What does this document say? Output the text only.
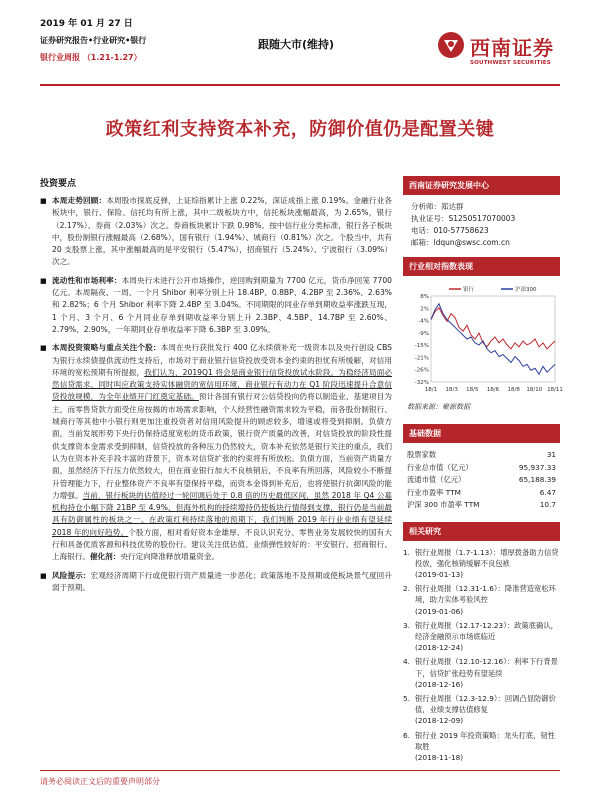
2019 年 01 月 27 日
证券研究报告•行业研究•银行
银行业周报 （1.21-1.27）
跟随大市(维持)	西南证券
SOUTHWEST SECURITIES
政策红利支持资本补充，防御价值仍是配置关键
投资要点
■ 本周走势回顾：本周股市探底反弹，上证综指累计上涨 0.22%，深证成指上涨 0.19%。金融行业各板块中，银行、保险、信托均有所上涨，其中二级板块方中，信托板块涨幅最高，为 2.65%，银行（2.17%）、券商（2.03%）次之。券商板块累计下跌 0.98%。按中信行业分类标准，银行各子板块中，股份制银行涨幅最高（2.68%），国有银行（1.94%）、城商行（0.81%）次之。个股当中，共有 20 支股票上涨，其中涨幅最高的是平安银行（5.47%），招商银行（5.24%）、宁波银行（3.09%）次之。
■ 流动性和市场利率：本周央行未进行公开市场操作，逆回购到期量为 7700 亿元，货币净回笼 7700 亿元。本周隔夜、一周、一个月 Shibor 利率分别上升 18.4BP、0.8BP、4.2BP 至 2.36%、2.63%和 2.82%；6 个月 Shibor 利率下降 2.4BP 至 3.04%。不同期限的同业存单到期收益率涨跌互现，1 个月、3 个月、6 个月同业存单到期收益率分别上升 2.3BP、4.5BP、14.7BP 至 2.60%、2.79%、2.90%，一年期同业存单收益率下降 6.3BP 至 3.09%。
■ 本周投资策略与重点关注个股：本周在央行获批发行 400 亿永续债补充一级资本以及央行创设 CBS 为银行永续债提供流动性支持后，市场对于商业银行信贷投放受资本金约束的担忧有所缓解，对信用环境的宽松预期有所提振，我们认为，2019Q1 将会是商业银行信贷投放试水阶段。为稳经济局面必然信贷需求，同时叫应政策支持实体融资的宽信用环境，商业银行有动力在 Q1 阶段迅速提升合意信贷投放规模，为全年业绩开门红奠定基础。预计各国有银行对公信贷投向仍将以制造业、基建项目为主，而零售贷款方面受住房按揭的市场需求影响，个人经营性融资需求较为平稳，而各股份制银行、城商行等其他中小银行则更加注重投资者对信用风险提升的顾虑较多，增速或将受到抑制。负债方面，当前发展形势下央行仍保持适度宽松的货币政策，银行资产质量的改善，对信贷投放的阶段性提供支撑资本金需求受到抑制，信贷投放的各种压力仍然较大，资本补充依然是银行关注的重点，我们认为在资本补充手段丰富的背景下，资本对信贷扩张的约束将有所放松。负债方面，当前资产质量方面，虽然经济下行压力依然较大，但在商业银行加大不良核销后，不良率有所回落，风险较小不断提升管理能力下，行业整体资产不良率有望保持平稳，而资本金得到补充后，也将使银行抗御风险的能力增强。当前，银行板块的估值经过一轮回调后处于 0.8 倍的历史最低区间，虽然 2018 年 Q4 公募机构持仓小幅下降 21BP 至 4.9%，但海外机构的持续增持仍使板块行情得到支撑，银行仍是当前最具有防御属性的板块之一。在政策红利持续落地的预期下，我们判断 2019 年行业业绩有望延续 2018 年的向好趋势。个股方面，相对看好资本金雄厚、不良认识充分、零售业务发展较快的国有大行和具备优质客源和科技优势的股份行。建议关注低估值、业绩弹性较好的：平安银行、招商银行、上海银行。催化剂：央行定向降准释放增量资金。
■ 风险提示：宏观经济周期下行或使银行资产质量进一步恶化；政策落地不及预期或使板块景气度回升弱于预期。
西南证券研究发展中心
分析师：郑达群
执业证号：S1250517070003
电话：010-57758623
邮箱：ldqun@swsc.com.cn
行业相对指数表现
8%
2%
-4%
-9%
-15%
-21%
-26%
-32%
18/1 18/3 18/5 18/6 18/8 18/10 18/11
银行	沪深300
数据来源：聚源数据
基础数据
股票家数	31
行业总市值（亿元）	95,937.33
流通市值（亿元）	65,188.39
行业市盈率 TTM	6.47
沪深 300 市盈率 TTM	10.7
相关研究
1. 银行业周报（1.7-1.13）：增厚拨备助力信贷投放，强化核销缓解不良包袱
(2019-01-13)
2. 银行业周报（12.31-1.6）：降准营造宽松环境，助力实体考验风控
(2019-01-06)
3. 银行业周报（12.17-12.23）：政策底确认，经济金融预示市场底临近
(2018-12-24)
4. 银行业周报（12.10-12.16）：利率下行背景下，信贷扩张趋势有望延续
(2018-12-16)
5. 银行业周报（12.3-12.9）：回调凸显防御价值，业绩支撑估值修复
(2018-12-09)
6. 银行业 2019 年投资策略：龙头打底，韧性取胜
(2018-11-18)
请务必阅读正文后的重要声明部分
